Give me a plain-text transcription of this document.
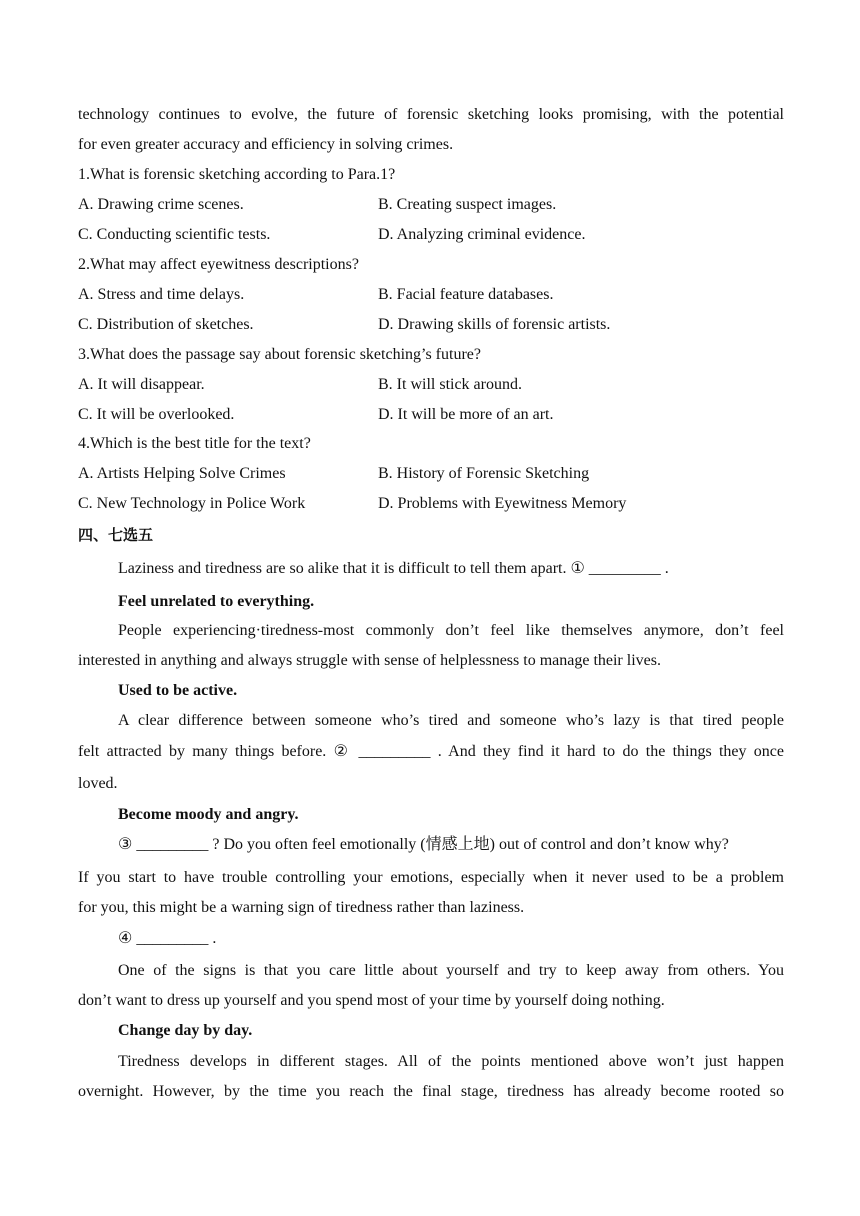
technology continues to evolve, the future of forensic sketching looks promising, with the potential
for even greater accuracy and efficiency in solving crimes.
1.What is forensic sketching according to Para.1?
A. Drawing crime scenes.	B. Creating suspect images.
C. Conducting scientific tests.	D. Analyzing criminal evidence.
2.What may affect eyewitness descriptions?
A. Stress and time delays.	B. Facial feature databases.
C. Distribution of sketches.	D. Drawing skills of forensic artists.
3.What does the passage say about forensic sketching’s future?
A. It will disappear.	B. It will stick around.
C. It will be overlooked.	D. It will be more of an art.
4.Which is the best title for the text?
A. Artists Helping Solve Crimes	B. History of Forensic Sketching
C. New Technology in Police Work	D. Problems with Eyewitness Memory
四、七选五
Laziness and tiredness are so alike that it is difficult to tell them apart. ① _________ .
Feel unrelated to everything.
People experiencing·tiredness-most commonly don’t feel like themselves anymore, don’t feel
interested in anything and always struggle with sense of helplessness to manage their lives.
Used to be active.
A clear difference between someone who’s tired and someone who’s lazy is that tired people
felt attracted by many things before. ② _________ . And they find it hard to do the things they once
loved.
Become moody and angry.
③ _________ ? Do you often feel emotionally (情感上地) out of control and don’t know why?
If you start to have trouble controlling your emotions, especially when it never used to be a problem
for you, this might be a warning sign of tiredness rather than laziness.
④ _________ .
One of the signs is that you care little about yourself and try to keep away from others. You
don’t want to dress up yourself and you spend most of your time by yourself doing nothing.
Change day by day.
Tiredness develops in different stages. All of the points mentioned above won’t just happen
overnight. However, by the time you reach the final stage, tiredness has already become rooted so
